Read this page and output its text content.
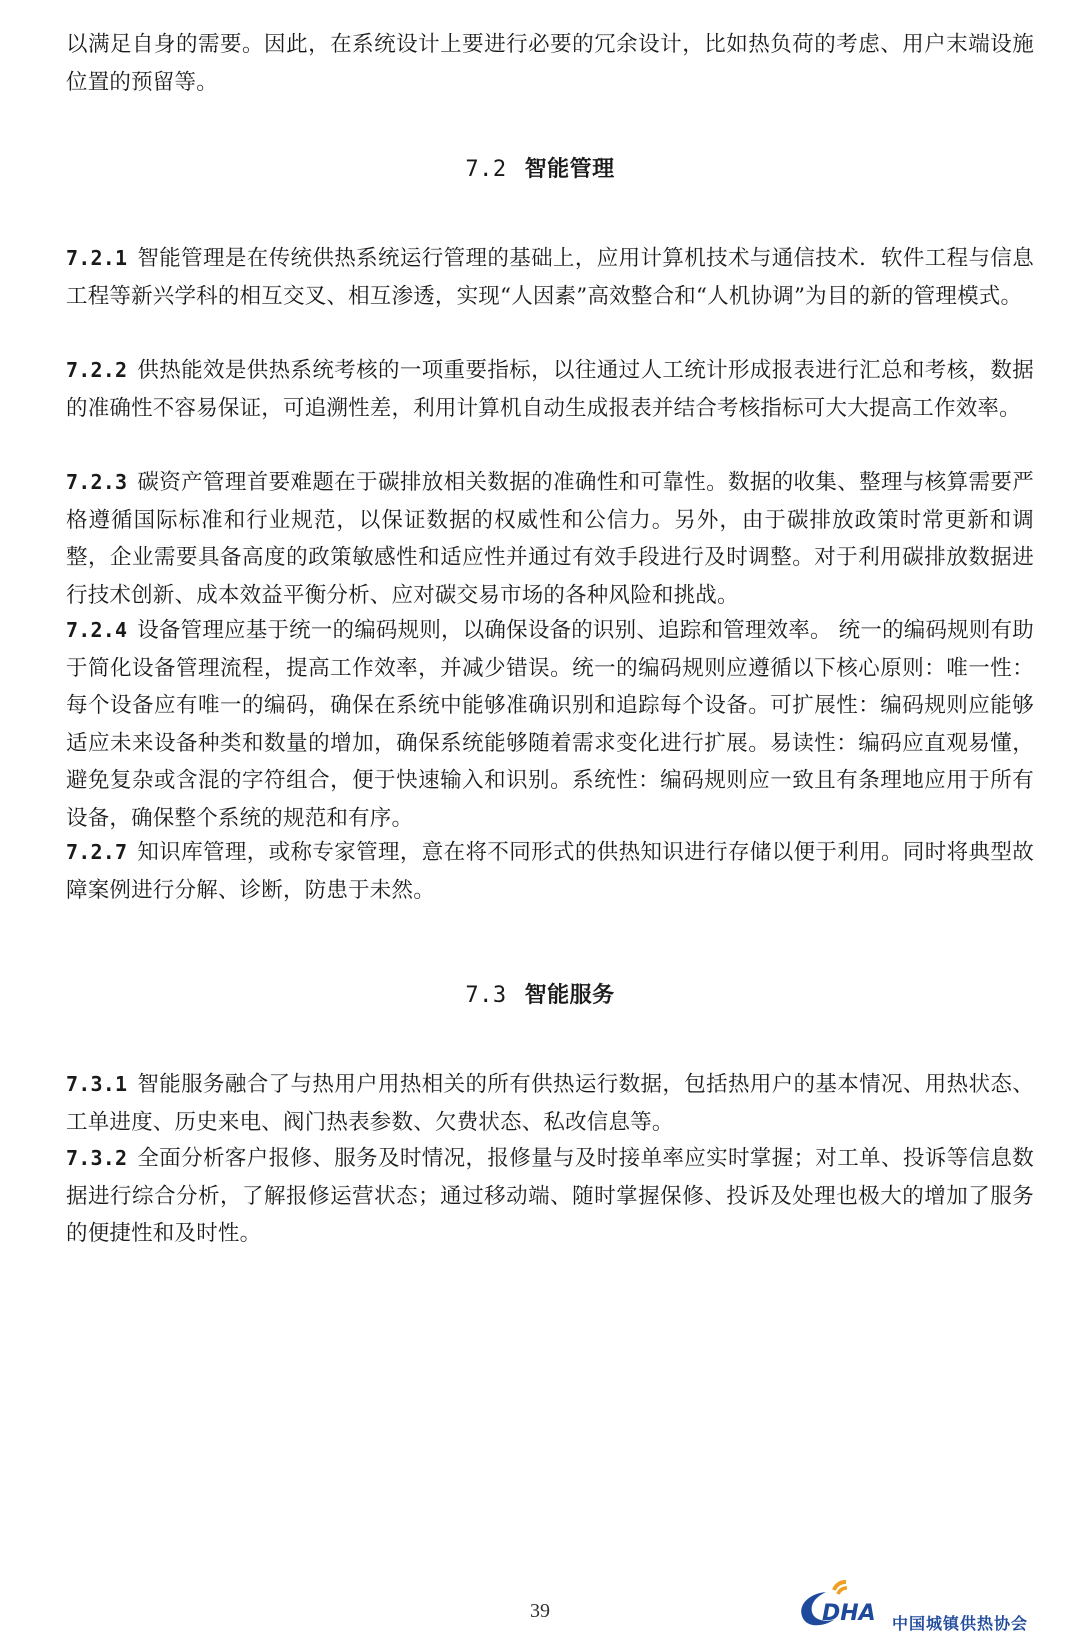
以满足自身的需要。因此，在系统设计上要进行必要的冗余设计，比如热负荷的考虑、用户末端设施位置的预留等。

7.2 智能管理

7.2.1 智能管理是在传统供热系统运行管理的基础上，应用计算机技术与通信技术．软件工程与信息工程等新兴学科的相互交叉、相互渗透，实现“人因素”高效整合和“人机协调”为目的新的管理模式。

7.2.2 供热能效是供热系统考核的一项重要指标，以往通过人工统计形成报表进行汇总和考核，数据的准确性不容易保证，可追溯性差，利用计算机自动生成报表并结合考核指标可大大提高工作效率。

7.2.3 碳资产管理首要难题在于碳排放相关数据的准确性和可靠性。数据的收集、整理与核算需要严格遵循国际标准和行业规范，以保证数据的权威性和公信力。另外，由于碳排放政策时常更新和调整，企业需要具备高度的政策敏感性和适应性并通过有效手段进行及时调整。对于利用碳排放数据进行技术创新、成本效益平衡分析、应对碳交易市场的各种风险和挑战。

7.2.4 设备管理应基于统一的编码规则，以确保设备的识别、追踪和管理效率。 统一的编码规则有助于简化设备管理流程，提高工作效率，并减少错误。统一的编码规则应遵循以下核心原则：唯一性：每个设备应有唯一的编码，确保在系统中能够准确识别和追踪每个设备。可扩展性：编码规则应能够适应未来设备种类和数量的增加，确保系统能够随着需求变化进行扩展。易读性：编码应直观易懂，避免复杂或含混的字符组合，便于快速输入和识别。系统性：编码规则应一致且有条理地应用于所有设备，确保整个系统的规范和有序。

7.2.7 知识库管理，或称专家管理，意在将不同形式的供热知识进行存储以便于利用。同时将典型故障案例进行分解、诊断，防患于未然。

7.3 智能服务

7.3.1 智能服务融合了与热用户用热相关的所有供热运行数据，包括热用户的基本情况、用热状态、工单进度、历史来电、阀门热表参数、欠费状态、私改信息等。

7.3.2 全面分析客户报修、服务及时情况，报修量与及时接单率应实时掌握；对工单、投诉等信息数据进行综合分析，了解报修运营状态；通过移动端、随时掌握保修、投诉及处理也极大的增加了服务的便捷性和及时性。

39	DHA 中国城镇供热协会
